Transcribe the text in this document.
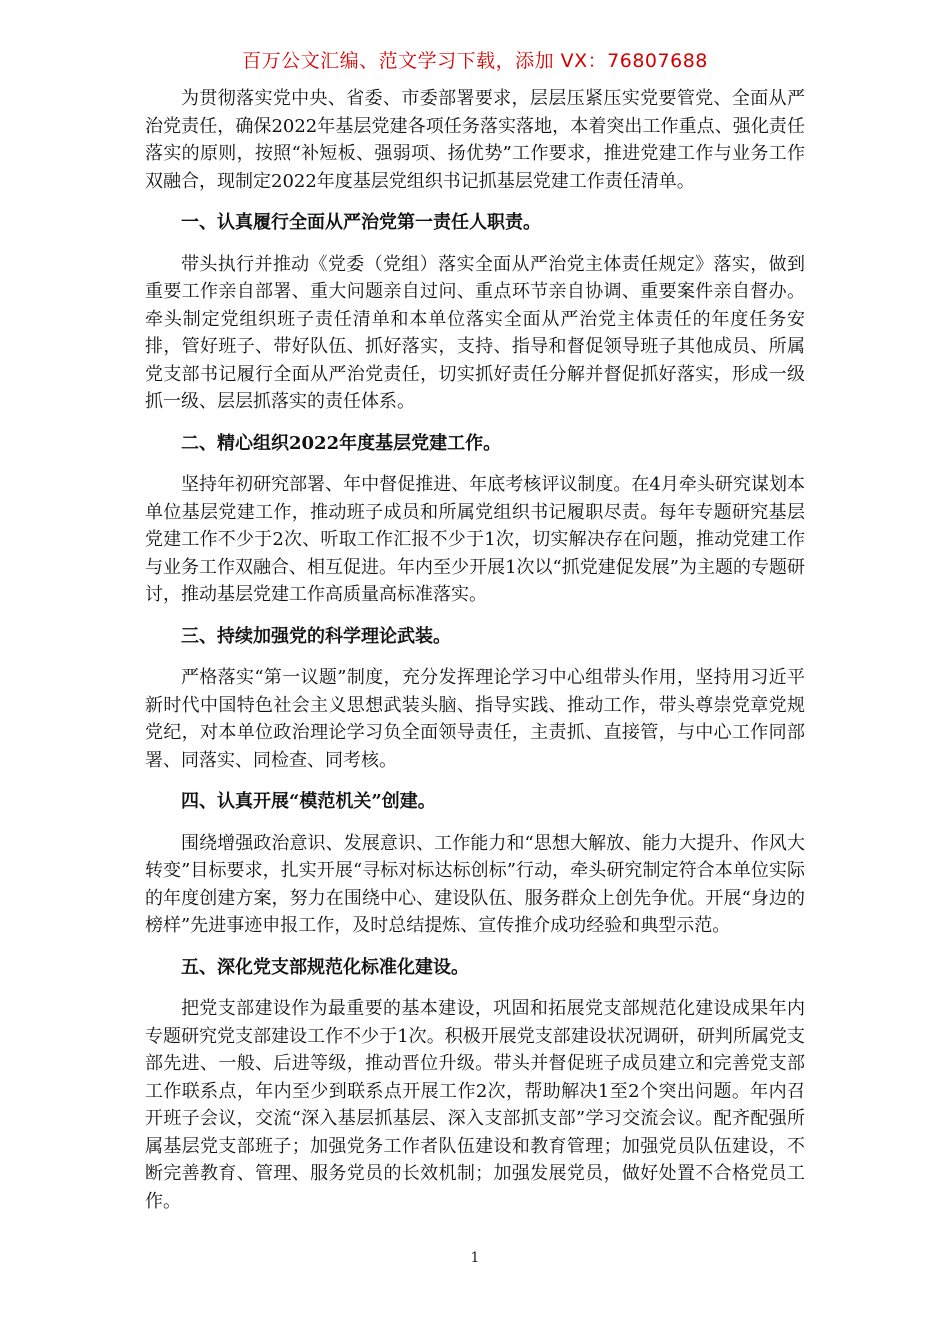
百万公文汇编、范文学习下载，添加 VX：76807688

为贯彻落实党中央、省委、市委部署要求，层层压紧压实党要管党、全面从严治党责任，确保2022年基层党建各项任务落实落地，本着突出工作重点、强化责任落实的原则，按照“补短板、强弱项、扬优势”工作要求，推进党建工作与业务工作双融合，现制定2022年度基层党组织书记抓基层党建工作责任清单。

一、认真履行全面从严治党第一责任人职责。

带头执行并推动《党委（党组）落实全面从严治党主体责任规定》落实，做到重要工作亲自部署、重大问题亲自过问、重点环节亲自协调、重要案件亲自督办。牵头制定党组织班子责任清单和本单位落实全面从严治党主体责任的年度任务安排，管好班子、带好队伍、抓好落实，支持、指导和督促领导班子其他成员、所属党支部书记履行全面从严治党责任，切实抓好责任分解并督促抓好落实，形成一级抓一级、层层抓落实的责任体系。

二、精心组织2022年度基层党建工作。

坚持年初研究部署、年中督促推进、年底考核评议制度。在4月牵头研究谋划本单位基层党建工作，推动班子成员和所属党组织书记履职尽责。每年专题研究基层党建工作不少于2次、听取工作汇报不少于1次，切实解决存在问题，推动党建工作与业务工作双融合、相互促进。年内至少开展1次以“抓党建促发展”为主题的专题研讨，推动基层党建工作高质量高标准落实。

三、持续加强党的科学理论武装。

严格落实“第一议题”制度，充分发挥理论学习中心组带头作用，坚持用习近平新时代中国特色社会主义思想武装头脑、指导实践、推动工作，带头尊崇党章党规党纪，对本单位政治理论学习负全面领导责任，主责抓、直接管，与中心工作同部署、同落实、同检查、同考核。

四、认真开展“模范机关”创建。

围绕增强政治意识、发展意识、工作能力和“思想大解放、能力大提升、作风大转变”目标要求，扎实开展“寻标对标达标创标”行动，牵头研究制定符合本单位实际的年度创建方案，努力在围绕中心、建设队伍、服务群众上创先争优。开展“身边的榜样”先进事迹申报工作，及时总结提炼、宣传推介成功经验和典型示范。

五、深化党支部规范化标准化建设。

把党支部建设作为最重要的基本建设，巩固和拓展党支部规范化建设成果年内专题研究党支部建设工作不少于1次。积极开展党支部建设状况调研，研判所属党支部先进、一般、后进等级，推动晋位升级。带头并督促班子成员建立和完善党支部工作联系点，年内至少到联系点开展工作2次，帮助解决1至2个突出问题。年内召开班子会议，交流“深入基层抓基层、深入支部抓支部”学习交流会议。配齐配强所属基层党支部班子；加强党务工作者队伍建设和教育管理；加强党员队伍建设，不断完善教育、管理、服务党员的长效机制；加强发展党员，做好处置不合格党员工作。

1
